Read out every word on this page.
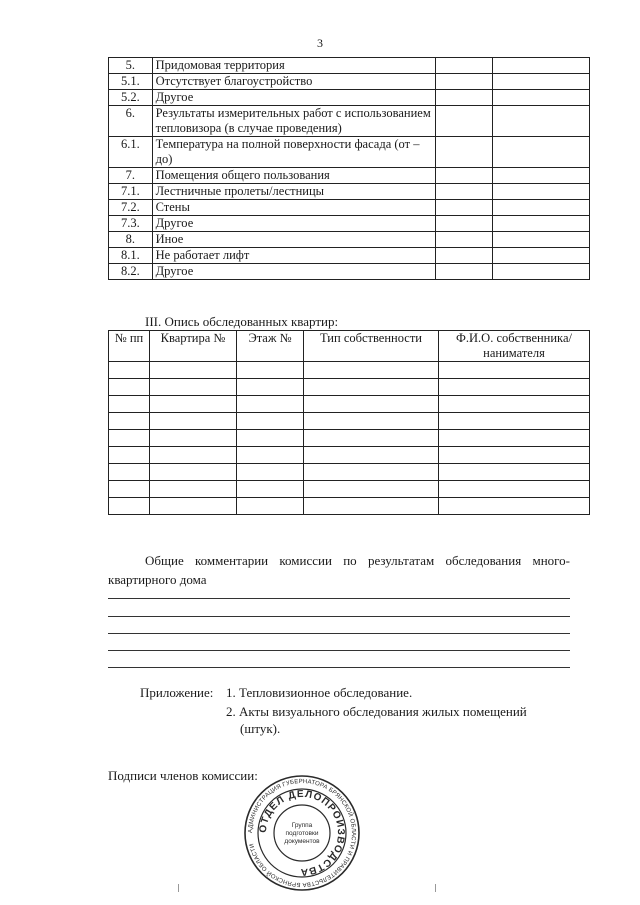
3
5.	Придомовая территория		
5.1.	Отсутствует благоустройство		
5.2.	Другое		
6.	Результаты измерительных работ с использованием тепловизора (в случае проведения)		
6.1.	Температура на полной поверхности фасада (от – до)		
7.	Помещения общего пользования		
7.1.	Лестничные пролеты/лестницы		
7.2.	Стены		
7.3.	Другое		
8.	Иное		
8.1.	Не работает лифт		
8.2.	Другое		
III. Опись обследованных квартир:
№ пп	Квартира №	Этаж №	Тип собственности	Ф.И.О. собственника/нанимателя

Общие комментарии комиссии по результатам обследования много-квартирного дома
Приложение: 1. Тепловизионное обследование.
2. Акты визуального обследования жилых помещений
(штук).
Подписи членов комиссии:
АДМИНИСТРАЦИЯ ГУБЕРНАТОРА БРЯНСКОЙ ОБЛАСТИ И ПРАВИТЕЛЬСТВА БРЯНСКОЙ ОБЛАСТИ
ОТДЕЛ ДЕЛОПРОИЗВОДСТВА
Группа
подготовки
документов
